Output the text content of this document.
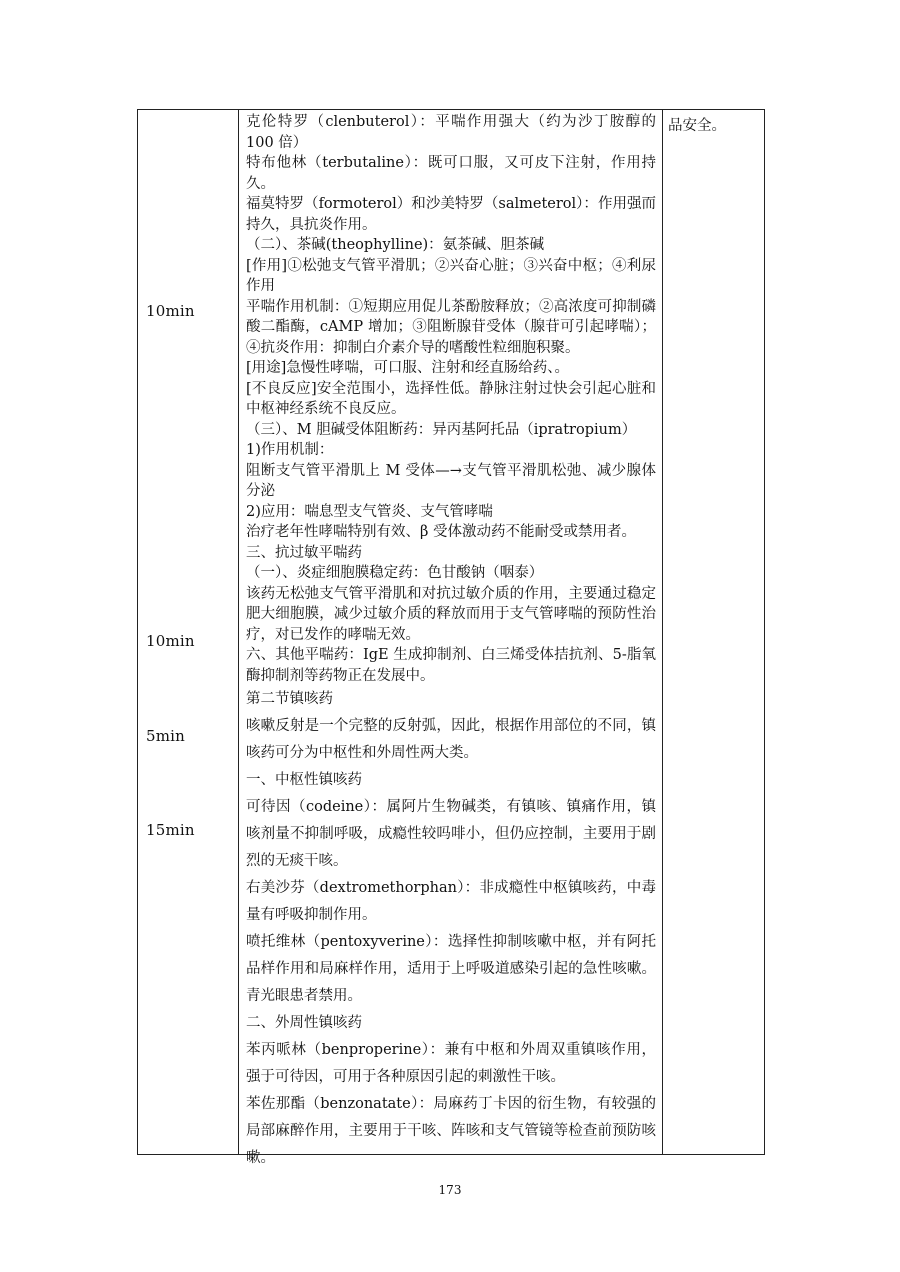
10min
10min
5min
15min

克伦特罗（clenbuterol）：平喘作用强大（约为沙丁胺醇的 100 倍）

特布他林（terbutaline）：既可口服，又可皮下注射，作用持久。

福莫特罗（formoterol）和沙美特罗（salmeterol）：作用强而持久，具抗炎作用。

（二）、茶碱(theophylline)：氨茶碱、胆茶碱

[作用]①松弛支气管平滑肌；②兴奋心脏；③兴奋中枢；④利尿作用

平喘作用机制：①短期应用促儿茶酚胺释放；②高浓度可抑制磷酸二酯酶，cAMP 增加；③阻断腺苷受体（腺苷可引起哮喘）；④抗炎作用：抑制白介素介导的嗜酸性粒细胞积聚。

[用途]急慢性哮喘，可口服、注射和经直肠给药、。

[不良反应]安全范围小，选择性低。静脉注射过快会引起心脏和中枢神经系统不良反应。

（三）、M 胆碱受体阻断药：异丙基阿托品（ipratropium）

1)作用机制：

阻断支气管平滑肌上 M 受体—→支气管平滑肌松弛、减少腺体分泌

2)应用：喘息型支气管炎、支气管哮喘

治疗老年性哮喘特别有效、β 受体激动药不能耐受或禁用者。

三、抗过敏平喘药

（一）、炎症细胞膜稳定药：色甘酸钠（咽泰）

该药无松弛支气管平滑肌和对抗过敏介质的作用，主要通过稳定肥大细胞膜，减少过敏介质的释放而用于支气管哮喘的预防性治疗，对已发作的哮喘无效。

六、其他平喘药：IgE 生成抑制剂、白三烯受体拮抗剂、5-脂氧酶抑制剂等药物正在发展中。

第二节镇咳药

咳嗽反射是一个完整的反射弧，因此，根据作用部位的不同，镇咳药可分为中枢性和外周性两大类。

一、中枢性镇咳药

可待因（codeine）：属阿片生物碱类，有镇咳、镇痛作用，镇咳剂量不抑制呼吸，成瘾性较吗啡小，但仍应控制，主要用于剧烈的无痰干咳。

右美沙芬（dextromethorphan）：非成瘾性中枢镇咳药，中毒量有呼吸抑制作用。

喷托维林（pentoxyverine）：选择性抑制咳嗽中枢，并有阿托品样作用和局麻样作用，适用于上呼吸道感染引起的急性咳嗽。青光眼患者禁用。

二、外周性镇咳药

苯丙哌林（benproperine）：兼有中枢和外周双重镇咳作用，强于可待因，可用于各种原因引起的刺激性干咳。

苯佐那酯（benzonatate）：局麻药丁卡因的衍生物，有较强的局部麻醉作用，主要用于干咳、阵咳和支气管镜等检查前预防咳嗽。

品安全。
173
